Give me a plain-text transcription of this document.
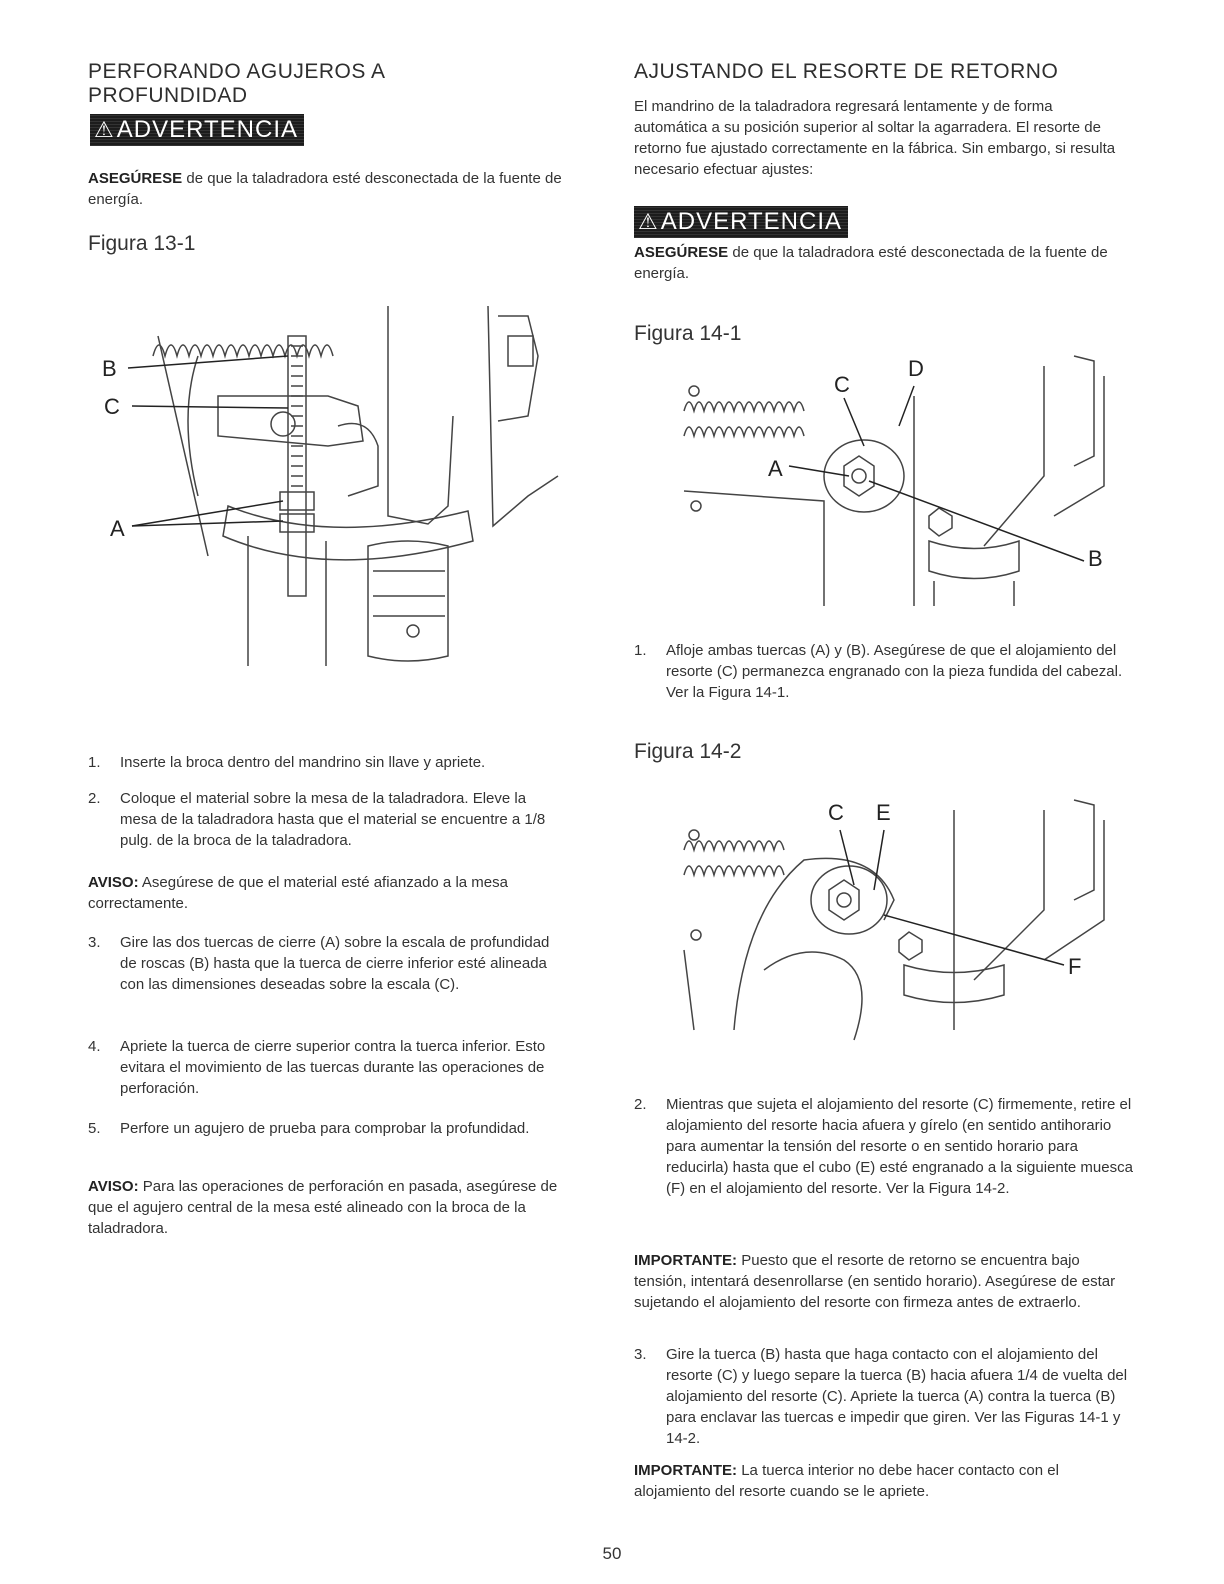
PERFORANDO AGUJEROS A PROFUNDIDAD
⚠ADVERTENCIA

ASEGÚRESE de que la taladradora esté desconectada de la fuente de energía.

Figura 13-1

B
C
A
1.	Inserte la broca dentro del mandrino sin llave y apriete.
2.	Coloque el material sobre la mesa de la taladradora. Eleve la mesa de la taladradora hasta que el material se encuentre a 1/8 pulg. de la broca de la taladradora.

AVISO: Asegúrese de que el material esté afianzado a la mesa correctamente.

3.	Gire las dos tuercas de cierre (A) sobre la escala de profundidad de roscas (B) hasta que la tuerca de cierre inferior esté alineada con las dimensiones deseadas sobre la escala (C).
4.	Apriete la tuerca de cierre superior contra la tuerca inferior. Esto evitara el movimiento de las tuercas durante las operaciones de perforación.
5.	Perfore un agujero de prueba para comprobar la profundidad.

AVISO: Para las operaciones de perforación en pasada, asegúrese de que el agujero central de la mesa esté alineado con la broca de la taladradora.

AJUSTANDO EL RESORTE DE RETORNO

El mandrino de la taladradora regresará lentamente y de forma automática a su posición superior al soltar la agarradera. El resorte de retorno fue ajustado correctamente en la fábrica. Sin embargo, si resulta necesario efectuar ajustes:

⚠ADVERTENCIA

ASEGÚRESE de que la taladradora esté desconectada de la fuente de energía.

Figura 14-1

D
C
A
B
1.	Afloje ambas tuercas (A) y (B). Asegúrese de que el alojamiento del resorte (C) permanezca engranado con la pieza fundida del cabezal. Ver la Figura 14-1.

Figura 14-2

C E
F
2.	Mientras que sujeta el alojamiento del resorte (C) firmemente, retire el alojamiento del resorte hacia afuera y gírelo (en sentido antihorario para aumentar la tensión del resorte o en sentido horario para reducirla) hasta que el cubo (E) esté engranado a la siguiente muesca (F) en el alojamiento del resorte. Ver la Figura 14-2.

IMPORTANTE: Puesto que el resorte de retorno se encuentra bajo tensión, intentará desenrollarse (en sentido horario). Asegúrese de estar sujetando el alojamiento del resorte con firmeza antes de extraerlo.

3.	Gire la tuerca (B) hasta que haga contacto con el alojamiento del resorte (C) y luego separe la tuerca (B) hacia afuera 1/4 de vuelta del alojamiento del resorte (C). Apriete la tuerca (A) contra la tuerca (B) para enclavar las tuercas e impedir que giren. Ver las Figuras 14-1 y 14-2.

IMPORTANTE: La tuerca interior no debe hacer contacto con el alojamiento del resorte cuando se le apriete.

50
